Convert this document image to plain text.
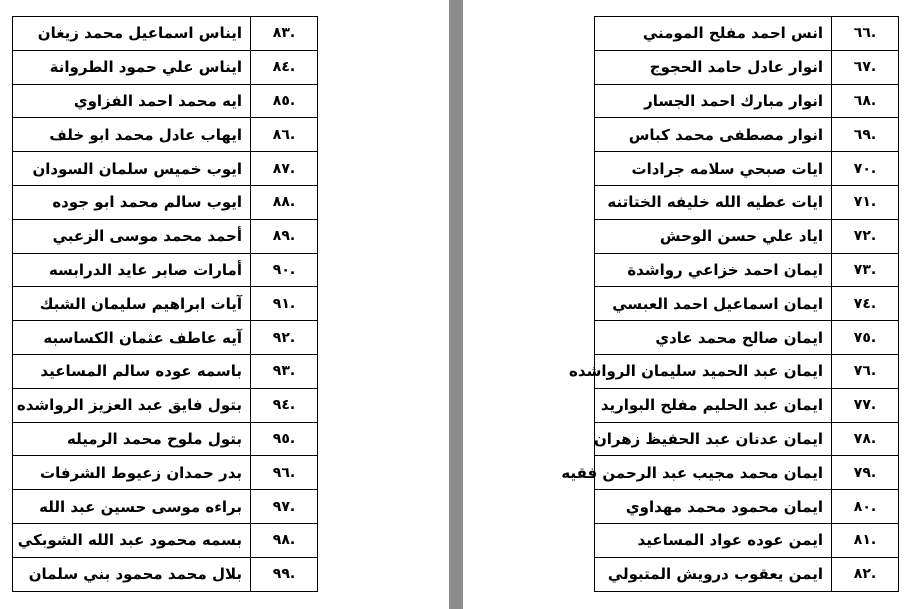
.٨٣	ايناس اسماعيل محمد زيغان
.٨٤	ايناس علي حمود الطروانة
.٨٥	ايه محمد احمد الفزاوي
.٨٦	ايهاب عادل محمد ابو خلف
.٨٧	ايوب خميس سلمان السودان
.٨٨	ايوب سالم محمد ابو جوده
.٨٩	أحمد محمد موسى الزعبي
.٩٠	أمارات صابر عايد الدرابسه
.٩١	آيات ابراهيم سليمان الشبك
.٩٢	آيه عاطف عثمان الكساسبه
.٩٣	باسمه عوده سالم المساعيد
.٩٤	بتول فايق عبد العزيز الرواشده
.٩٥	بتول ملوح محمد الرميله
.٩٦	بدر حمدان زعيوط الشرفات
.٩٧	براءه موسى حسين عبد الله
.٩٨	بسمه محمود عبد الله الشوبكي
.٩٩	بلال محمد محمود بني سلمان
.٦٦	انس احمد مفلح المومني
.٦٧	انوار عادل حامد الحجوج
.٦٨	انوار مبارك احمد الجسار
.٦٩	انوار مصطفى محمد كباس
.٧٠	ايات صبحي سلامه جرادات
.٧١	ايات عطيه الله خليفه الختاتنه
.٧٢	اياد علي حسن الوحش
.٧٣	ايمان احمد خزاعي رواشدة
.٧٤	ايمان اسماعيل احمد العبسي
.٧٥	ايمان صالح محمد عادي
.٧٦	ايمان عبد الحميد سليمان الرواشده
.٧٧	ايمان عبد الحليم مفلح البواريد
.٧٨	ايمان عدنان عبد الحفيظ زهران
.٧٩	ايمان محمد مجيب عبد الرحمن فقيه
.٨٠	ايمان محمود محمد مهداوي
.٨١	ايمن عوده عواد المساعيد
.٨٢	ايمن يعقوب درويش المتبولي
